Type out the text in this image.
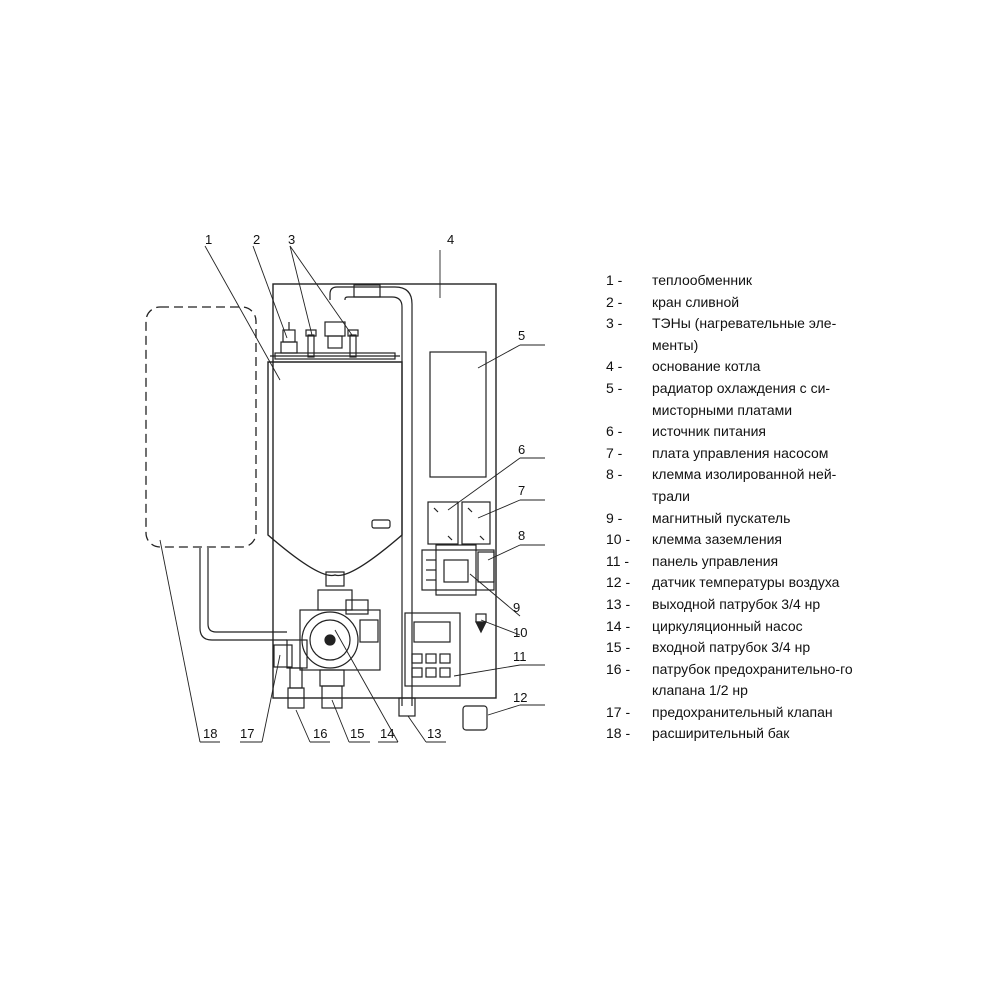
1	2 3	4
5
6
7
8
9
10
11
12
13
14
15
16
17
18
1 -	теплообменник
2 -	кран сливной
3 -	ТЭНы (нагревательные эле-менты)
4 -	основание котла
5 -	радиатор охлаждения с си-мисторными платами
6 -	источник питания
7 -	плата управления насосом
8 -	клемма изолированной ней-трали
9 -	магнитный пускатель
10 -	клемма заземления
11 -	панель управления
12 -	датчик температуры воздуха
13 -	выходной патрубок 3/4 нр
14 -	циркуляционный насос
15 -	входной патрубок 3/4 нр
16 -	патрубок предохранительно-го клапана 1/2 нр
17 -	предохранительный клапан
18 -	расширительный бак
